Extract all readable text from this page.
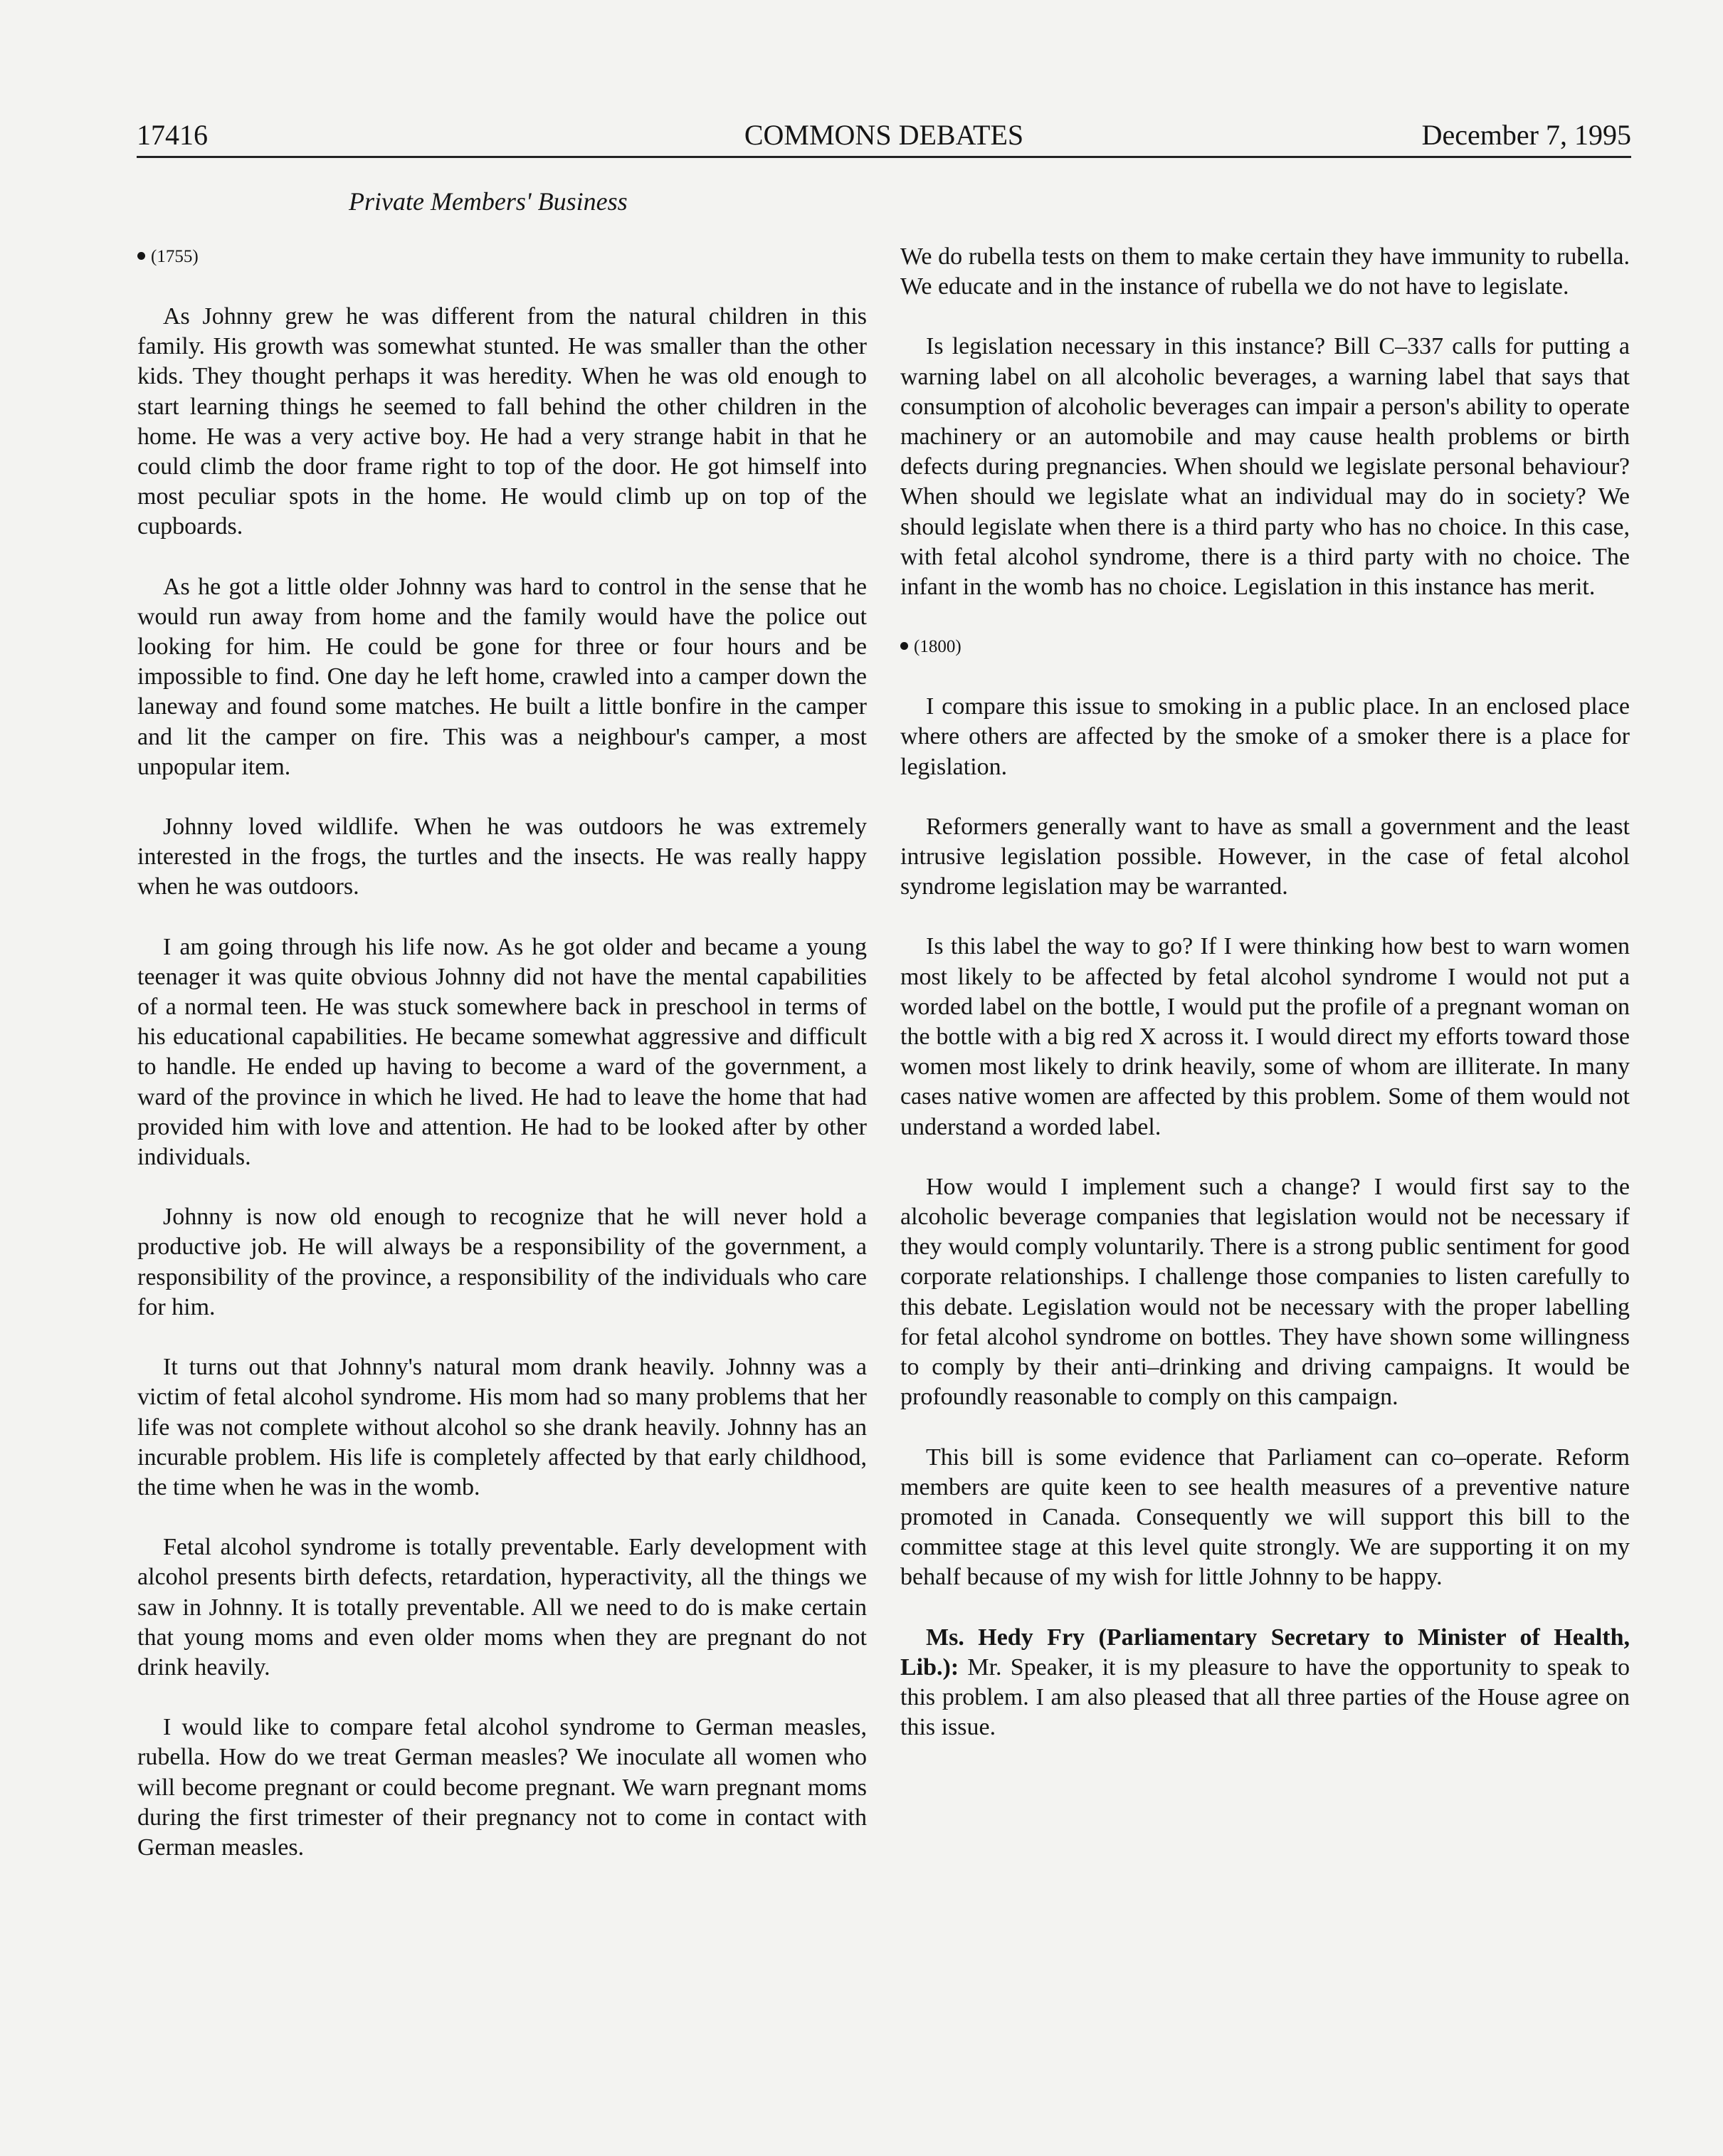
17416	COMMONS DEBATES	December 7, 1995
Private Members' Business
(1755)

As Johnny grew he was different from the natural children in this family. His growth was somewhat stunted. He was smaller than the other kids. They thought perhaps it was heredity. When he was old enough to start learning things he seemed to fall behind the other children in the home. He was a very active boy. He had a very strange habit in that he could climb the door frame right to top of the door. He got himself into most peculiar spots in the home. He would climb up on top of the cupboards.

As he got a little older Johnny was hard to control in the sense that he would run away from home and the family would have the police out looking for him. He could be gone for three or four hours and be impossible to find. One day he left home, crawled into a camper down the laneway and found some matches. He built a little bonfire in the camper and lit the camper on fire. This was a neighbour's camper, a most unpopular item.

Johnny loved wildlife. When he was outdoors he was extremely interested in the frogs, the turtles and the insects. He was really happy when he was outdoors.

I am going through his life now. As he got older and became a young teenager it was quite obvious Johnny did not have the mental capabilities of a normal teen. He was stuck somewhere back in preschool in terms of his educational capabilities. He became somewhat aggressive and difficult to handle. He ended up having to become a ward of the government, a ward of the province in which he lived. He had to leave the home that had provided him with love and attention. He had to be looked after by other individuals.

Johnny is now old enough to recognize that he will never hold a productive job. He will always be a responsibility of the government, a responsibility of the province, a responsibility of the individuals who care for him.

It turns out that Johnny's natural mom drank heavily. Johnny was a victim of fetal alcohol syndrome. His mom had so many problems that her life was not complete without alcohol so she drank heavily. Johnny has an incurable problem. His life is completely affected by that early childhood, the time when he was in the womb.

Fetal alcohol syndrome is totally preventable. Early development with alcohol presents birth defects, retardation, hyperactivity, all the things we saw in Johnny. It is totally preventable. All we need to do is make certain that young moms and even older moms when they are pregnant do not drink heavily.

I would like to compare fetal alcohol syndrome to German measles, rubella. How do we treat German measles? We inoculate all women who will become pregnant or could become pregnant. We warn pregnant moms during the first trimester of their pregnancy not to come in contact with German measles.

We do rubella tests on them to make certain they have immunity to rubella. We educate and in the instance of rubella we do not have to legislate.

Is legislation necessary in this instance? Bill C–337 calls for putting a warning label on all alcoholic beverages, a warning label that says that consumption of alcoholic beverages can impair a person's ability to operate machinery or an automobile and may cause health problems or birth defects during pregnancies. When should we legislate personal behaviour? When should we legislate what an individual may do in society? We should legislate when there is a third party who has no choice. In this case, with fetal alcohol syndrome, there is a third party with no choice. The infant in the womb has no choice. Legislation in this instance has merit.

(1800)

I compare this issue to smoking in a public place. In an enclosed place where others are affected by the smoke of a smoker there is a place for legislation.

Reformers generally want to have as small a government and the least intrusive legislation possible. However, in the case of fetal alcohol syndrome legislation may be warranted.

Is this label the way to go? If I were thinking how best to warn women most likely to be affected by fetal alcohol syndrome I would not put a worded label on the bottle, I would put the profile of a pregnant woman on the bottle with a big red X across it. I would direct my efforts toward those women most likely to drink heavily, some of whom are illiterate. In many cases native women are affected by this problem. Some of them would not understand a worded label.

How would I implement such a change? I would first say to the alcoholic beverage companies that legislation would not be necessary if they would comply voluntarily. There is a strong public sentiment for good corporate relationships. I challenge those companies to listen carefully to this debate. Legislation would not be necessary with the proper labelling for fetal alcohol syndrome on bottles. They have shown some willingness to comply by their anti–drinking and driving campaigns. It would be profoundly reasonable to comply on this campaign.

This bill is some evidence that Parliament can co–operate. Reform members are quite keen to see health measures of a preventive nature promoted in Canada. Consequently we will support this bill to the committee stage at this level quite strongly. We are supporting it on my behalf because of my wish for little Johnny to be happy.

Ms. Hedy Fry (Parliamentary Secretary to Minister of Health, Lib.): Mr. Speaker, it is my pleasure to have the opportunity to speak to this problem. I am also pleased that all three parties of the House agree on this issue.
